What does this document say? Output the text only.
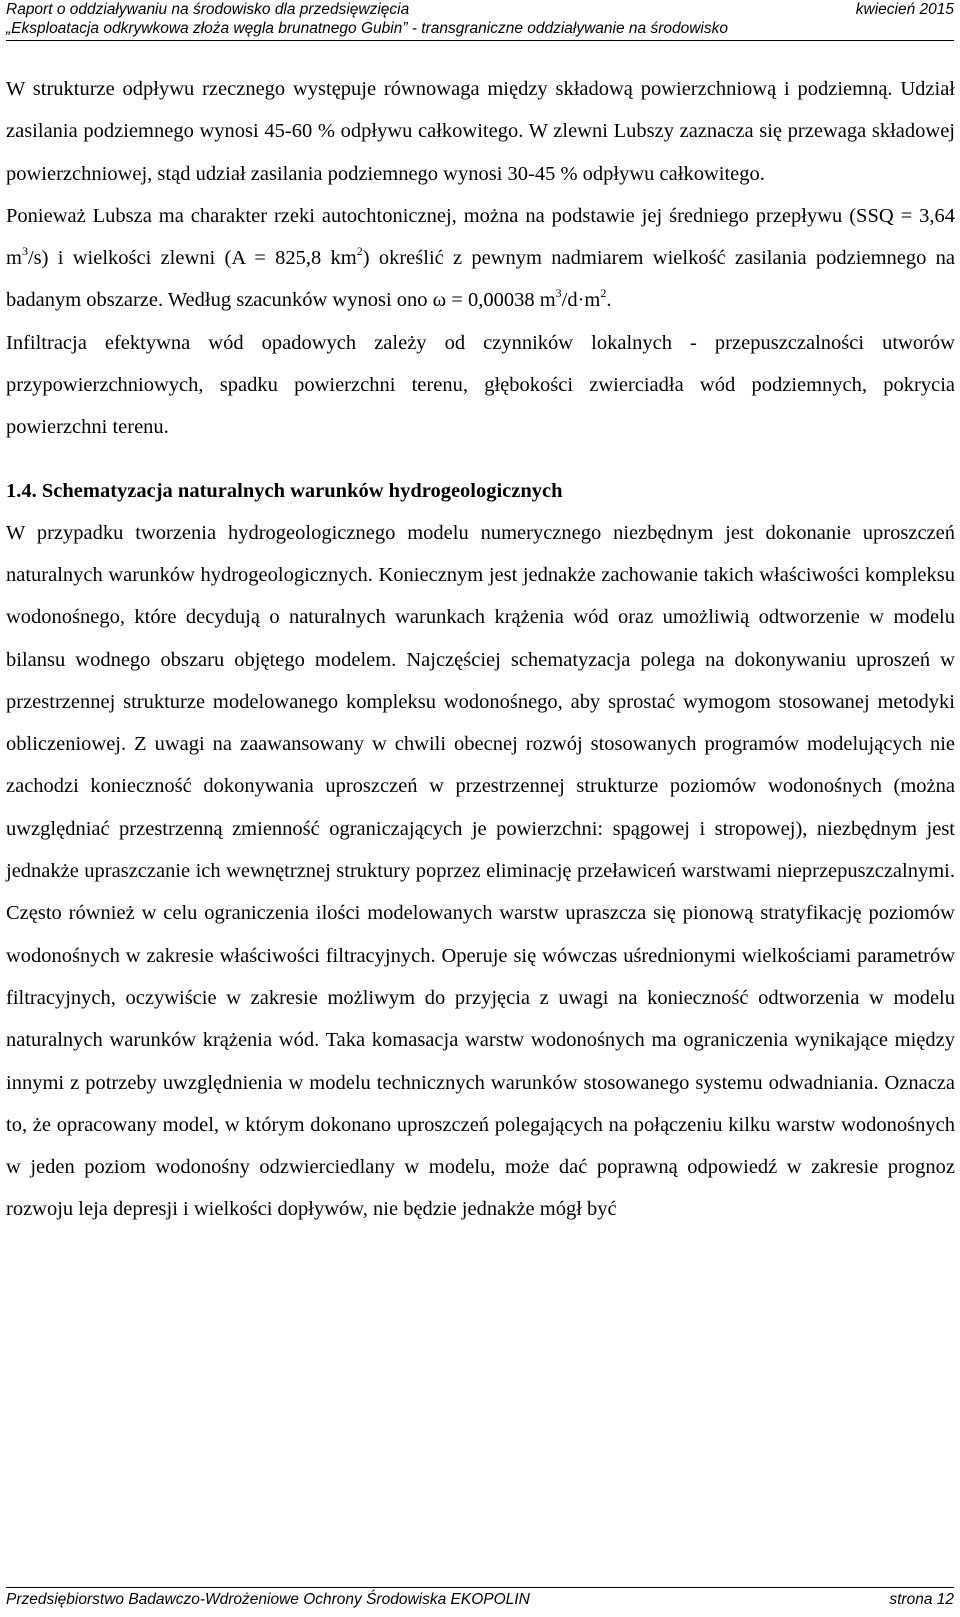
Raport o oddziaływaniu na środowisko dla przedsięwzięcia	kwiecień 2015
„Eksploatacja odkrywkowa złoża węgla brunatnego Gubin” - transgraniczne oddziaływanie na środowisko

W strukturze odpływu rzecznego występuje równowaga między składową powierzchniową i podziemną. Udział zasilania podziemnego wynosi 45-60 % odpływu całkowitego. W zlewni Lubszy zaznacza się przewaga składowej powierzchniowej, stąd udział zasilania podziemnego wynosi 30-45 % odpływu całkowitego.

Ponieważ Lubsza ma charakter rzeki autochtonicznej, można na podstawie jej średniego przepływu (SSQ = 3,64 $m^3/s$) i wielkości zlewni (A = 825,8 $km^2$) określić z pewnym nadmiarem wielkość zasilania podziemnego na badanym obszarze. Według szacunków wynosi ono ω = 0,00038 $m^3/d\cdot m^2$.

Infiltracja efektywna wód opadowych zależy od czynników lokalnych - przepuszczalności utworów przypowierzchniowych, spadku powierzchni terenu, głębokości zwierciadła wód podziemnych, pokrycia powierzchni terenu.

1.4. Schematyzacja naturalnych warunków hydrogeologicznych

W przypadku tworzenia hydrogeologicznego modelu numerycznego niezbędnym jest dokonanie uproszczeń naturalnych warunków hydrogeologicznych. Koniecznym jest jednakże zachowanie takich właściwości kompleksu wodonośnego, które decydują o naturalnych warunkach krążenia wód oraz umożliwią odtworzenie w modelu bilansu wodnego obszaru objętego modelem. Najczęściej schematyzacja polega na dokonywaniu uproszeń w przestrzennej strukturze modelowanego kompleksu wodonośnego, aby sprostać wymogom stosowanej metodyki obliczeniowej. Z uwagi na zaawansowany w chwili obecnej rozwój stosowanych programów modelujących nie zachodzi konieczność dokonywania uproszczeń w przestrzennej strukturze poziomów wodonośnych (można uwzględniać przestrzenną zmienność ograniczających je powierzchni: spągowej i stropowej), niezbędnym jest jednakże upraszczanie ich wewnętrznej struktury poprzez eliminację przeławiceń warstwami nieprzepuszczalnymi. Często również w celu ograniczenia ilości modelowanych warstw upraszcza się pionową stratyfikację poziomów wodonośnych w zakresie właściwości filtracyjnych. Operuje się wówczas uśrednionymi wielkościami parametrów filtracyjnych, oczywiście w zakresie możliwym do przyjęcia z uwagi na konieczność odtworzenia w modelu naturalnych warunków krążenia wód. Taka komasacja warstw wodonośnych ma ograniczenia wynikające między innymi z potrzeby uwzględnienia w modelu technicznych warunków stosowanego systemu odwadniania. Oznacza to, że opracowany model, w którym dokonano uproszczeń polegających na połączeniu kilku warstw wodonośnych w jeden poziom wodonośny odzwierciedlany w modelu, może dać poprawną odpowiedź w zakresie prognoz rozwoju leja depresji i wielkości dopływów, nie będzie jednakże mógł być

Przedsiębiorstwo Badawczo-Wdrożeniowe Ochrony Środowiska EKOPOLIN	strona 12
